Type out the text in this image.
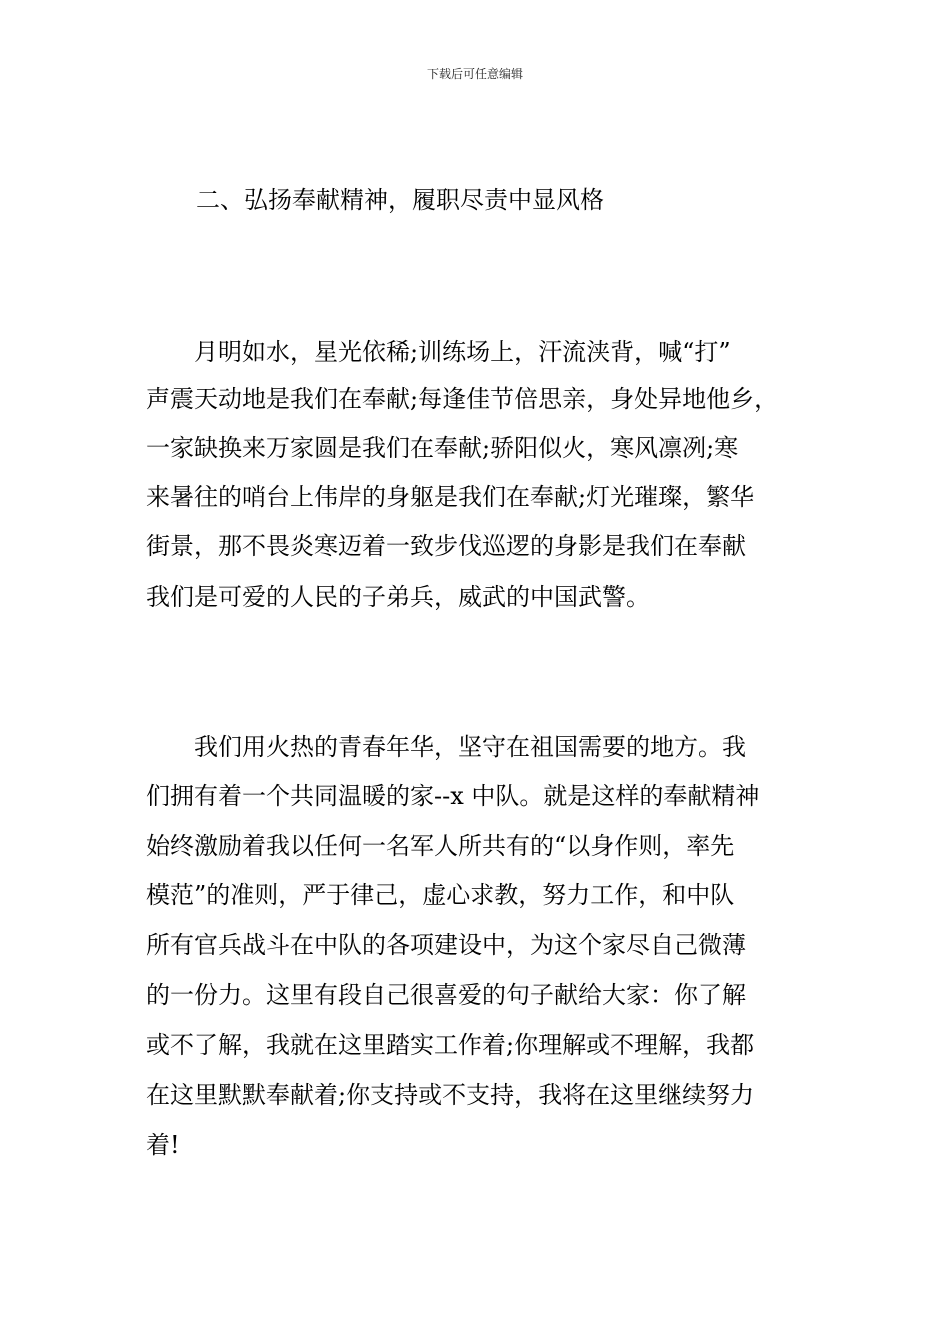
下载后可任意编辑
二、弘扬奉献精神，履职尽责中显风格
　　月明如水，星光依稀;训练场上，汗流浃背，喊“打”
声震天动地是我们在奉献;每逢佳节倍思亲，身处异地他乡，
一家缺换来万家圆是我们在奉献;骄阳似火，寒风凛冽;寒
来暑往的哨台上伟岸的身躯是我们在奉献;灯光璀璨，繁华
街景，那不畏炎寒迈着一致步伐巡逻的身影是我们在奉献
我们是可爱的人民的子弟兵，威武的中国武警。
　　我们用火热的青春年华，坚守在祖国需要的地方。我
们拥有着一个共同温暖的家--x 中队。就是这样的奉献精神
始终激励着我以任何一名军人所共有的“以身作则，率先
模范”的准则，严于律己，虚心求教，努力工作，和中队
所有官兵战斗在中队的各项建设中，为这个家尽自己微薄
的一份力。这里有段自己很喜爱的句子献给大家：你了解
或不了解，我就在这里踏实工作着;你理解或不理解，我都
在这里默默奉献着;你支持或不支持，我将在这里继续努力
着!
